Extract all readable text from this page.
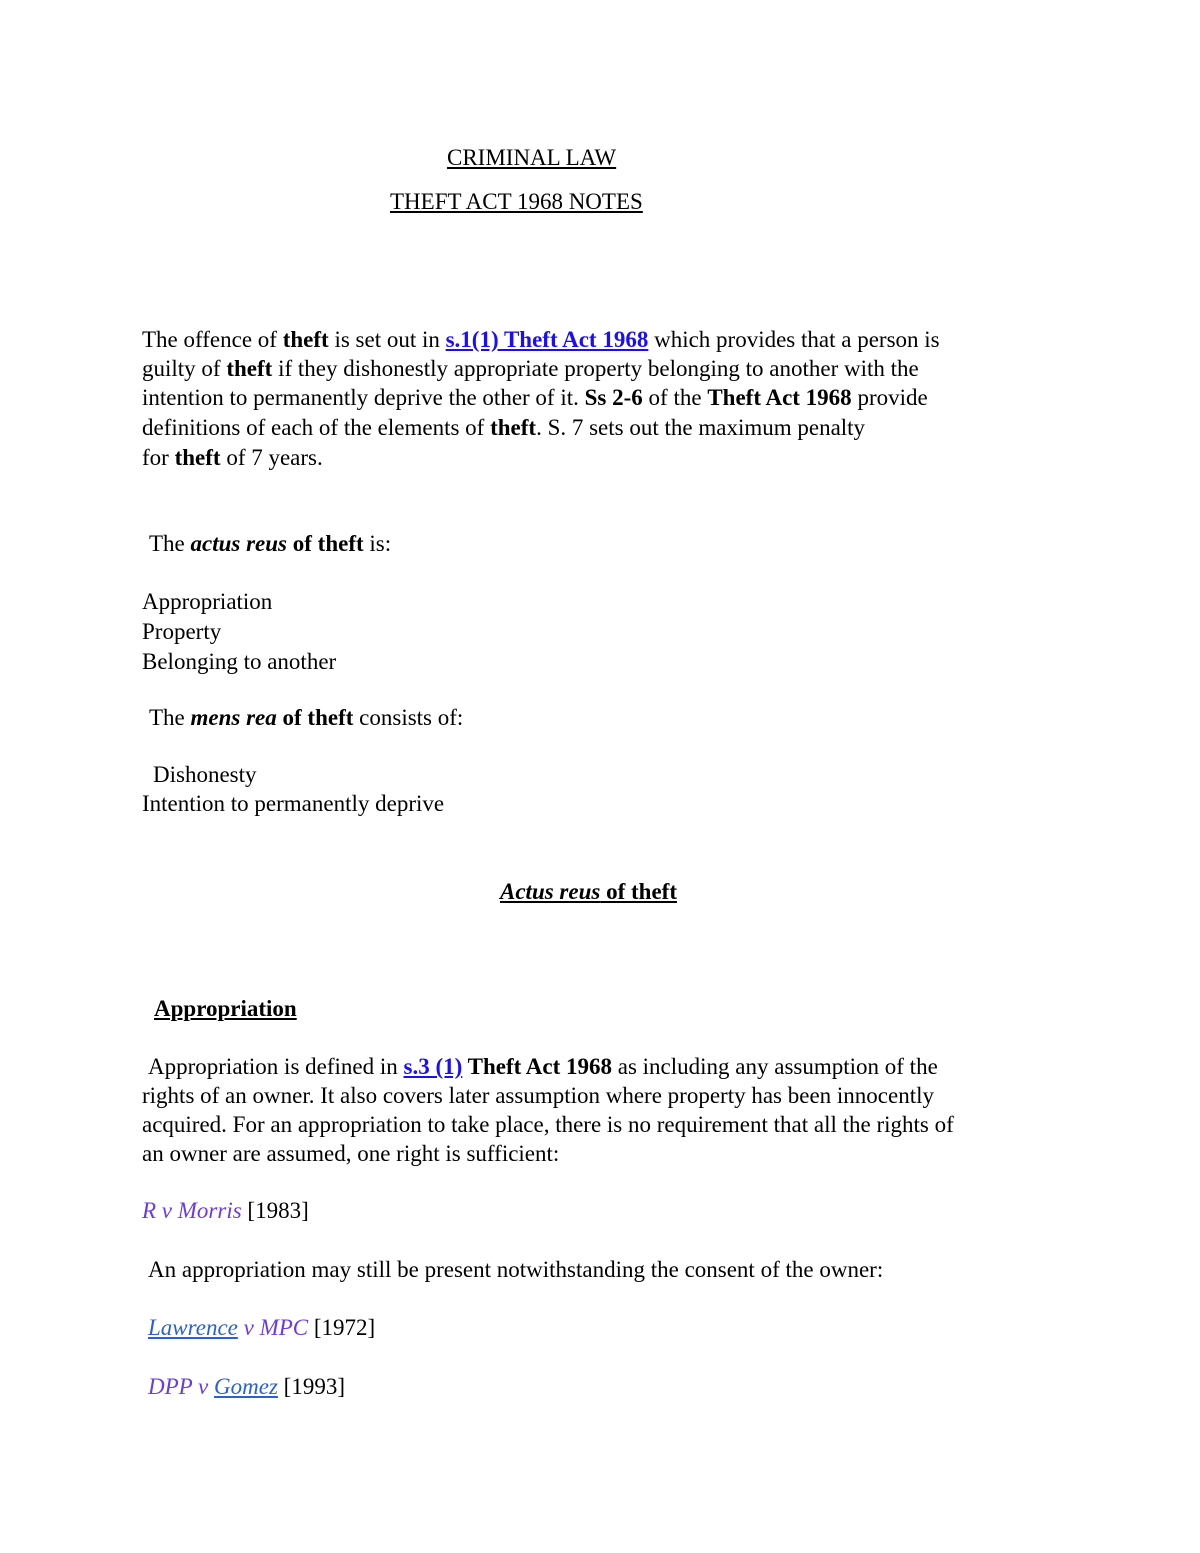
CRIMINAL LAW
THEFT ACT 1968 NOTES
The offence of theft is set out in s.1(1) Theft Act 1968 which provides that a person is
guilty of theft if they dishonestly appropriate property belonging to another with the
intention to permanently deprive the other of it. Ss 2-6 of the Theft Act 1968 provide
definitions of each of the elements of theft. S. 7 sets out the maximum penalty
for theft of 7 years.
The actus reus of theft is:
Appropriation
Property
Belonging to another
The mens rea of theft consists of:
Dishonesty
Intention to permanently deprive
Actus reus of theft
Appropriation
Appropriation is defined in s.3 (1) Theft Act 1968 as including any assumption of the
rights of an owner. It also covers later assumption where property has been innocently
acquired. For an appropriation to take place, there is no requirement that all the rights of
an owner are assumed, one right is sufficient:
R v Morris [1983]
An appropriation may still be present notwithstanding the consent of the owner:
Lawrence v MPC [1972]
DPP v Gomez [1993]
